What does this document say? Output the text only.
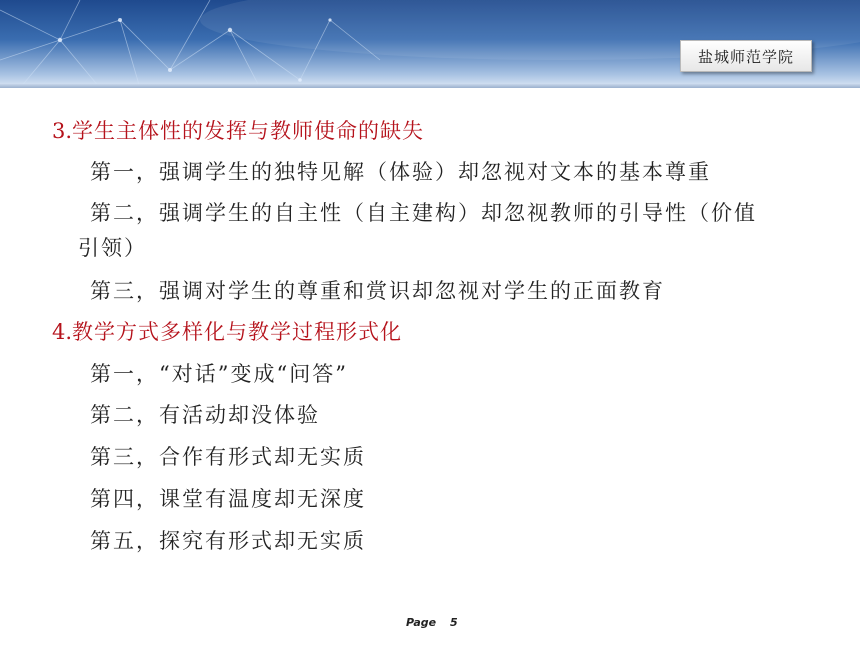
盐城师范学院
3.学生主体性的发挥与教师使命的缺失
第一，强调学生的独特见解（体验）却忽视对文本的基本尊重
第二，强调学生的自主性（自主建构）却忽视教师的引导性（价值
引领）
第三，强调对学生的尊重和赏识却忽视对学生的正面教育
4.教学方式多样化与教学过程形式化
第一，“对话”变成“问答”
第二，有活动却没体验
第三，合作有形式却无实质
第四，课堂有温度却无深度
第五，探究有形式却无实质
Page 5
